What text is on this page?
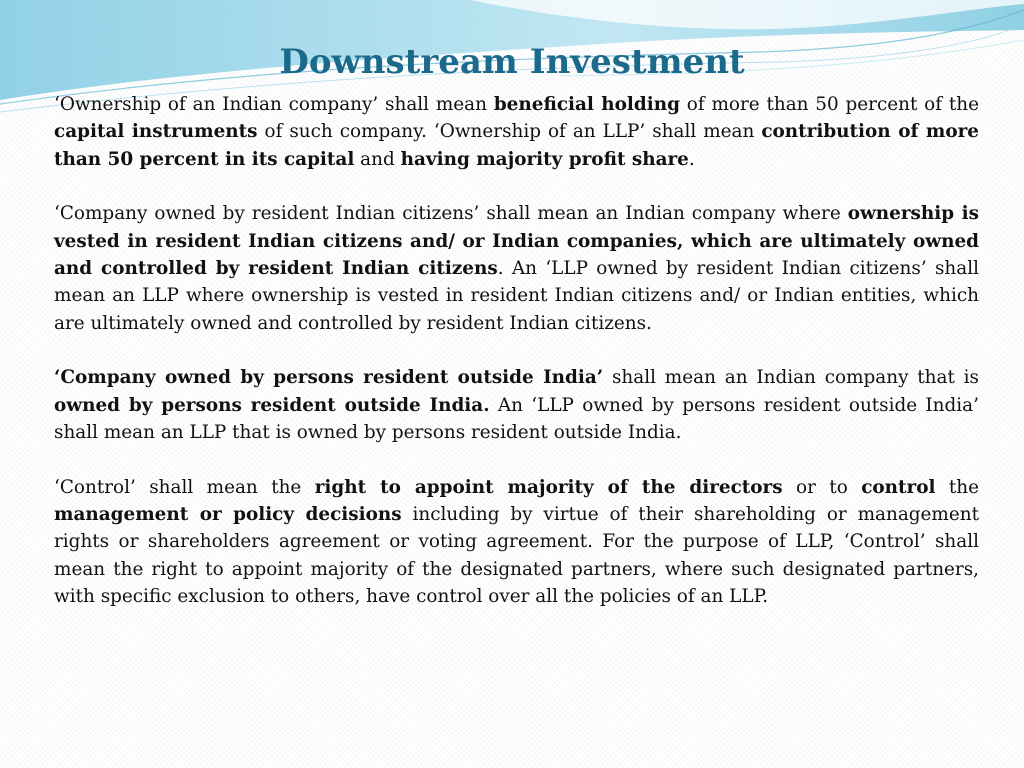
Downstream Investment

‘Ownership of an Indian company’ shall mean beneficial holding of more than 50 percent of the capital instruments of such company. ‘Ownership of an LLP’ shall mean contribution of more than 50 percent in its capital and having majority profit share.

‘Company owned by resident Indian citizens’ shall mean an Indian company where ownership is vested in resident Indian citizens and/ or Indian companies, which are ultimately owned and controlled by resident Indian citizens. An ‘LLP owned by resident Indian citizens’ shall mean an LLP where ownership is vested in resident Indian citizens and/ or Indian entities, which are ultimately owned and controlled by resident Indian citizens.

‘Company owned by persons resident outside India’ shall mean an Indian company that is owned by persons resident outside India. An ‘LLP owned by persons resident outside India’ shall mean an LLP that is owned by persons resident outside India.

‘Control’ shall mean the right to appoint majority of the directors or to control the management or policy decisions including by virtue of their shareholding or management rights or shareholders agreement or voting agreement. For the purpose of LLP, ‘Control’ shall mean the right to appoint majority of the designated partners, where such designated partners, with specific exclusion to others, have control over all the policies of an LLP.
